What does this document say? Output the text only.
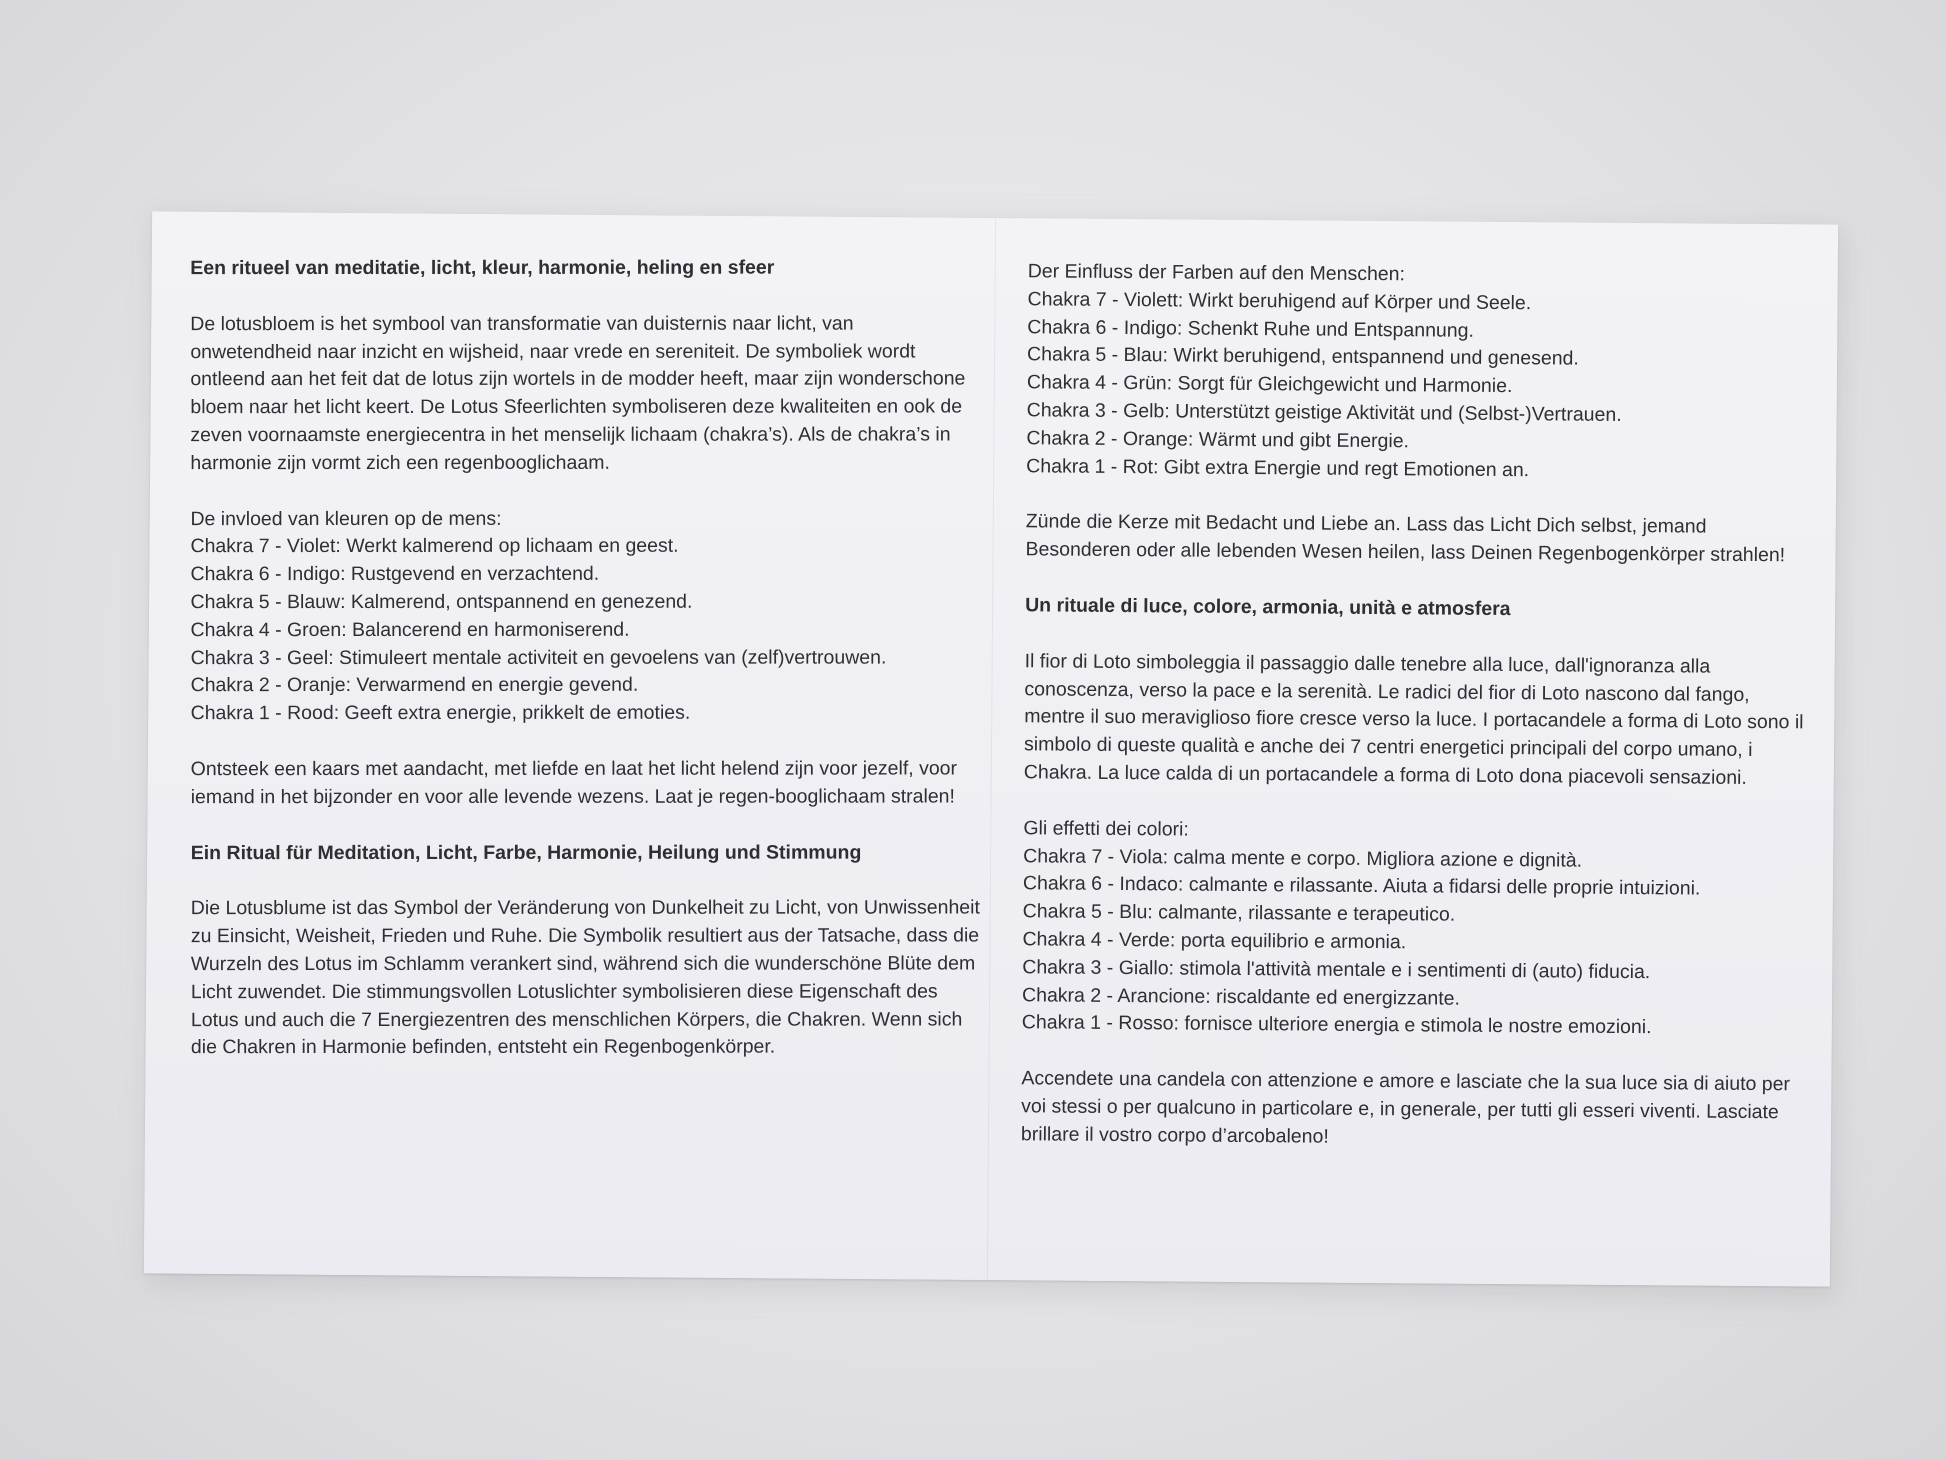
Een ritueel van meditatie, licht, kleur, harmonie, heling en sfeer

De lotusbloem is het symbool van transformatie van duisternis naar licht, van onwetendheid naar inzicht en wijsheid, naar vrede en sereniteit. De symboliek wordt ontleend aan het feit dat de lotus zijn wortels in de modder heeft, maar zijn wonderschone bloem naar het licht keert. De Lotus Sfeerlichten symboliseren deze kwaliteiten en ook de zeven voornaamste energiecentra in het menselijk lichaam (chakra’s). Als de chakra’s in harmonie zijn vormt zich een regenbooglichaam.

De invloed van kleuren op de mens:
Chakra 7 - Violet: Werkt kalmerend op lichaam en geest.
Chakra 6 - Indigo: Rustgevend en verzachtend.
Chakra 5 - Blauw: Kalmerend, ontspannend en genezend.
Chakra 4 - Groen: Balancerend en harmoniserend.
Chakra 3 - Geel: Stimuleert mentale activiteit en gevoelens van (zelf)vertrouwen.
Chakra 2 - Oranje: Verwarmend en energie gevend.
Chakra 1 - Rood: Geeft extra energie, prikkelt de emoties.

Ontsteek een kaars met aandacht, met liefde en laat het licht helend zijn voor jezelf, voor iemand in het bijzonder en voor alle levende wezens. Laat je regen-booglichaam stralen!

Ein Ritual für Meditation, Licht, Farbe, Harmonie, Heilung und Stimmung

Die Lotusblume ist das Symbol der Veränderung von Dunkelheit zu Licht, von Unwissenheit zu Einsicht, Weisheit, Frieden und Ruhe. Die Symbolik resultiert aus der Tatsache, dass die Wurzeln des Lotus im Schlamm verankert sind, während sich die wunderschöne Blüte dem Licht zuwendet. Die stimmungsvollen Lotuslichter symbolisieren diese Eigenschaft des Lotus und auch die 7 Energiezentren des menschlichen Körpers, die Chakren. Wenn sich die Chakren in Harmonie befinden, entsteht ein Regenbogenkörper.

Der Einfluss der Farben auf den Menschen:
Chakra 7 - Violett: Wirkt beruhigend auf Körper und Seele.
Chakra 6 - Indigo: Schenkt Ruhe und Entspannung.
Chakra 5 - Blau: Wirkt beruhigend, entspannend und genesend.
Chakra 4 - Grün: Sorgt für Gleichgewicht und Harmonie.
Chakra 3 - Gelb: Unterstützt geistige Aktivität und (Selbst-)Vertrauen.
Chakra 2 - Orange: Wärmt und gibt Energie.
Chakra 1 - Rot: Gibt extra Energie und regt Emotionen an.

Zünde die Kerze mit Bedacht und Liebe an. Lass das Licht Dich selbst, jemand Besonderen oder alle lebenden Wesen heilen, lass Deinen Regenbogenkörper strahlen!

Un rituale di luce, colore, armonia, unità e atmosfera

Il fior di Loto simboleggia il passaggio dalle tenebre alla luce, dall'ignoranza alla conoscenza, verso la pace e la serenità. Le radici del fior di Loto nascono dal fango, mentre il suo meraviglioso fiore cresce verso la luce. I portacandele a forma di Loto sono il simbolo di queste qualità e anche dei 7 centri energetici principali del corpo umano, i Chakra. La luce calda di un portacandele a forma di Loto dona piacevoli sensazioni.

Gli effetti dei colori:
Chakra 7 - Viola: calma mente e corpo. Migliora azione e dignità.
Chakra 6 - Indaco: calmante e rilassante. Aiuta a fidarsi delle proprie intuizioni.
Chakra 5 - Blu: calmante, rilassante e terapeutico.
Chakra 4 - Verde: porta equilibrio e armonia.
Chakra 3 - Giallo: stimola l'attività mentale e i sentimenti di (auto) fiducia.
Chakra 2 - Arancione: riscaldante ed energizzante.
Chakra 1 - Rosso: fornisce ulteriore energia e stimola le nostre emozioni.

Accendete una candela con attenzione e amore e lasciate che la sua luce sia di aiuto per voi stessi o per qualcuno in particolare e, in generale, per tutti gli esseri viventi. Lasciate brillare il vostro corpo d’arcobaleno!
